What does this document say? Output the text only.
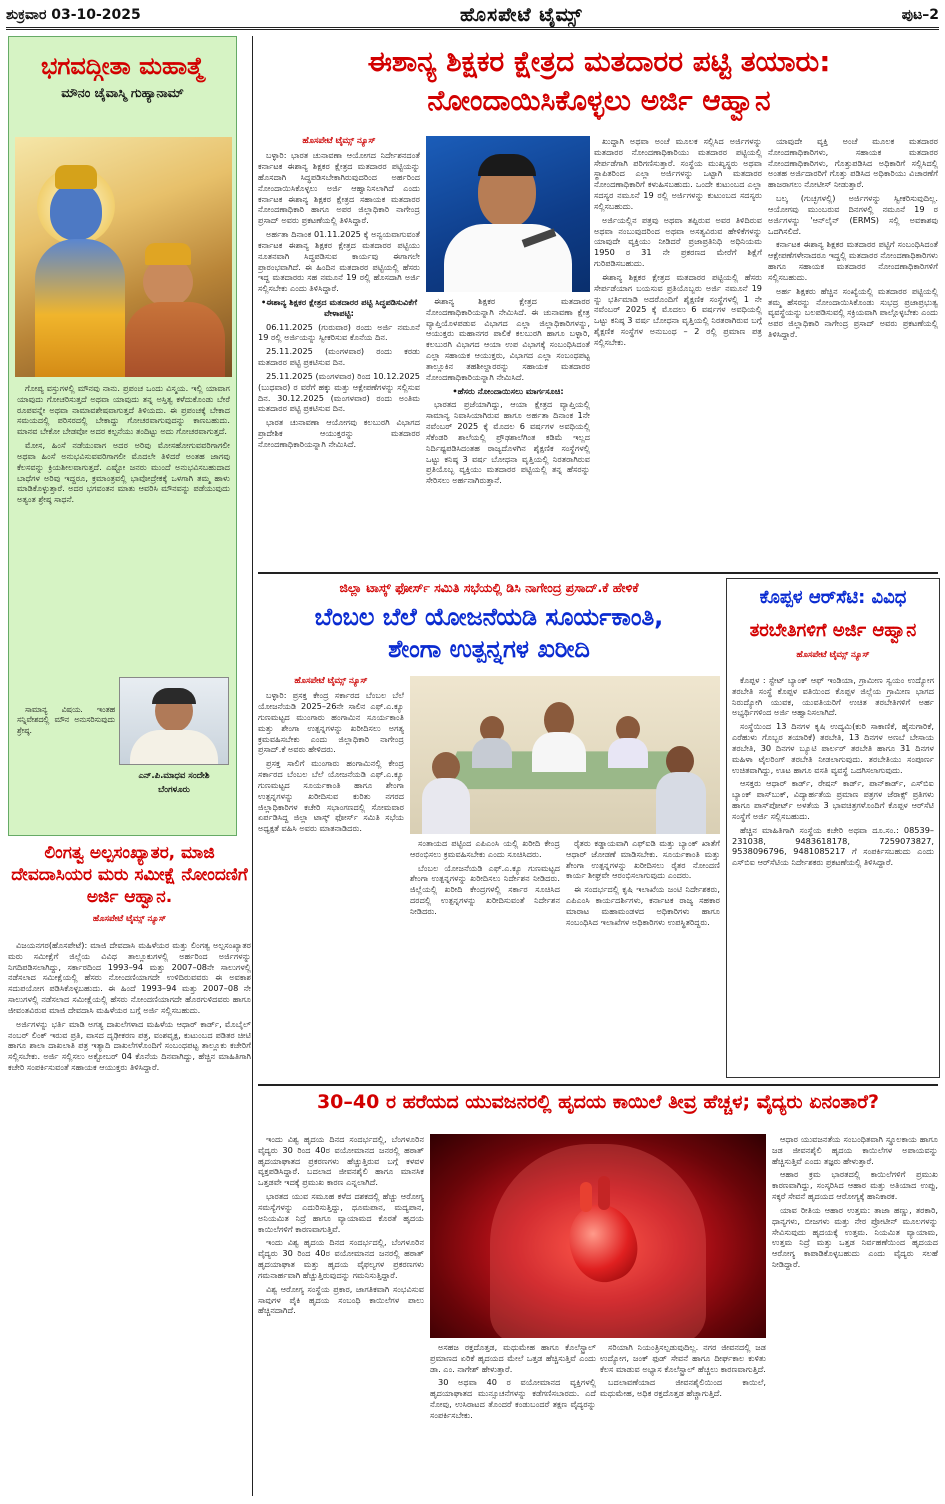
ಶುಕ್ರವಾರ 03-10-2025	ಹೊಸಪೇಟೆ ಟೈಮ್ಸ್	ಪುಟ–2
ಭಗವದ್ಗೀತಾ ಮಹಾತ್ಮೆ
ಮೌನಂ ಚೈವಾಸ್ಮಿ ಗುಹ್ಯಾನಾಮ್

ಗೋಪ್ಯ ವಸ್ತುಗಳಲ್ಲಿ ಮೌನವು ನಾನು. ಪ್ರಪಂಚ ಒಂದು ವಿಸ್ಮಯ. ಇಲ್ಲಿ ಯಾವಾಗ ಯಾವುದು ಗೋಚರಿಸುತ್ತದೆ ಅಥವಾ ಯಾವುದು ತನ್ನ ಅಸ್ತಿತ್ವ ಕಳೆದುಕೊಂಡು ಬೇರೆ ರೂಪವನ್ನೇ ಅಥವಾ ನಾಮಾವಶೇಷವಾಗುತ್ತದೆ ತಿಳಿಯದು. ಈ ಪ್ರಪಂಚಕ್ಕೆ ಬೇಕಾದ ಸಮಯದಲ್ಲಿ ಪರಿಸರದಲ್ಲಿ ಬೇಕಾದ್ದು ಗೋಚರವಾಗುವುದನ್ನು ಕಾಣಬಹುದು. ಮಾನವ ಬೇಕೋ ಬೇಡವೋ ಅದರ ಕಲ್ಪನೆಯು ತಂದಿಟ್ಟು ಅದು ಗೋಚರವಾಗುತ್ತದೆ.

ಮೋಸ, ಹಿಂಸೆ ನಡೆಯುವಾಗ ಅದರ ಅರಿವು ಮೋಸಹೋಗುವವರಿಗಾಗಲೀ ಅಥವಾ ಹಿಂಸೆ ಅನುಭವಿಸುವವರಿಗಾಗಲೀ ಮೊದಲೇ ತಿಳಿದರೆ ಅಂತಹ ಜಾಗವು ಕೆಲಸವನ್ನು ಕ್ರಿಯಶೀಲವಾಗುತ್ತದೆ. ಎಷ್ಟೋ ಜನರು ಮುಂದೆ ಅನುಭವಿಸಬಹುದಾದ ಬಾಧೆಗಳ ಅರಿವು ಇದ್ದರೂ, ಕ್ರಮಾಂತ್ರವಲ್ಲಿ ಭಾವೋದ್ರೇಕಕ್ಕೆ ಒಳಗಾಗಿ ತಮ್ಮ ಹಾಳು ಮಾಡಿಕೊಳ್ಳುತ್ತಾರೆ. ಅದರ ಭಗವಂತನ ಮಾತು ಆವರಿಸಿ ಮೌನವನ್ನು ಪಡೆಯುವುದು ಅತ್ಯಂತ ಶ್ರೇಷ್ಠ ಸಾಧನೆ.

ಸಾಮಾನ್ಯ ವಿಷಯ. ಇಂತಹ ಸನ್ನಿವೇಶದಲ್ಲಿ ಮೌನ ಅನುಸರಿಸುವುದು ಶ್ರೇಷ್ಠ.

ಎನ್.ಪಿ.ಮಾಧವ ಸಂದೇಶಿ
ಬೆಂಗಳೂರು
ಲಿಂಗತ್ವ ಅಲ್ಪಸಂಖ್ಯಾತರ, ಮಾಜಿ ದೇವದಾಸಿಯರ ಮರು ಸಮೀಕ್ಷೆ ನೋಂದಣಿಗೆ ಅರ್ಜಿ ಆಹ್ವಾನ.
ಹೊಸಪೇಟೆ ಟೈಮ್ಸ್ ನ್ಯೂಸ್

ವಿಜಯನಗರ(ಹೊಸಪೇಟೆ): ಮಾಜಿ ದೇವದಾಸಿ ಮಹಿಳೆಯರ ಮತ್ತು ಲಿಂಗತ್ವ ಅಲ್ಪಸಂಖ್ಯಾತರ ಮರು ಸಮೀಕ್ಷೆಗೆ ಜಿಲ್ಲೆಯ ವಿವಿಧ ತಾಲ್ಲೂಕುಗಳಲ್ಲಿ ಅರ್ಹರಿಂದ ಅರ್ಜಿಗಳನ್ನು ನಿಗದಿಪಡಿಸಲಾಗಿದ್ದು, ಸರ್ಕಾರದಿಂದ 1993–94 ಮತ್ತು 2007–08ನೇ ಸಾಲುಗಳಲ್ಲಿ ನಡೆಸಲಾದ ಸಮೀಕ್ಷೆಯಲ್ಲಿ ಹೆಸರು ನೋಂದಣಿಯಾಗದೇ ಉಳಿದಿರುವವರು ಈ ಅವಕಾಶ ಸದುಪಯೋಗ ಪಡಿಸಿಕೊಳ್ಳಬಹುದು. ಈ ಹಿಂದೆ 1993–94 ಮತ್ತು 2007–08 ನೇ ಸಾಲುಗಳಲ್ಲಿ ನಡೆಸಲಾದ ಸಮೀಕ್ಷೆಯಲ್ಲಿ ಹೆಸರು ನೋಂದಣಿಯಾಗದೇ ಹೊರಗುಳಿದವರು ಹಾಗೂ ಜೀವಂತವಿರುವ ಮಾಜಿ ದೇವದಾಸಿ ಮಹಿಳೆಯರ ಬಗ್ಗೆ ಅರ್ಜಿ ಸಲ್ಲಿಸಬಹುದು.

ಅರ್ಜಿಗಳನ್ನು ಭರ್ತಿ ಮಾಡಿ ಅಗತ್ಯ ದಾಖಲೆಗಳಾದ ಮಹಿಳೆಯ ಆಧಾರ್ ಕಾರ್ಡ್, ಮೊಬೈಲ್ ನಂಬರ್ ಲಿಂಕ್ ಇರುವ ಪ್ರತಿ, ವಾಸದ ದೃಢೀಕರಣ ಪತ್ರ, ವಂಶವೃಕ್ಷ, ಕುಟುಂಬದ ಪಡಿತರ ಚೀಟಿ ಹಾಗೂ ಶಾಲಾ ದಾಖಲಾತಿ ಪತ್ರ ಇತ್ಯಾದಿ ದಾಖಲೆಗಳೊಂದಿಗೆ ಸಂಬಂಧಪಟ್ಟ ತಾಲ್ಲೂಕು ಕಚೇರಿಗೆ ಸಲ್ಲಿಸಬೇಕು. ಅರ್ಜಿ ಸಲ್ಲಿಸಲು ಅಕ್ಟೋಬರ್ 04 ಕೊನೆಯ ದಿನವಾಗಿದ್ದು, ಹೆಚ್ಚಿನ ಮಾಹಿತಿಗಾಗಿ ಕಚೇರಿ ಸಂಪರ್ಕಿಸುವಂತೆ ಸಹಾಯಕ ಆಯುಕ್ತರು ತಿಳಿಸಿದ್ದಾರೆ.

ಈಶಾನ್ಯ ಶಿಕ್ಷಕರ ಕ್ಷೇತ್ರದ ಮತದಾರರ ಪಟ್ಟಿ ತಯಾರು:
ನೋಂದಾಯಿಸಿಕೊಳ್ಳಲು ಅರ್ಜಿ ಆಹ್ವಾನ

ಹೊಸಪೇಟೆ ಟೈಮ್ಸ್ ನ್ಯೂಸ್

ಬಳ್ಳಾರಿ: ಭಾರತ ಚುನಾವಣಾ ಆಯೋಗದ ನಿರ್ದೇಶನದಂತೆ ಕರ್ನಾಟಕ ಈಶಾನ್ಯ ಶಿಕ್ಷಕರ ಕ್ಷೇತ್ರದ ಮತದಾರರ ಪಟ್ಟಿಯನ್ನು ಹೊಸದಾಗಿ ಸಿದ್ಧಪಡಿಸಬೇಕಾಗಿರುವುದರಿಂದ ಅರ್ಹರಿಂದ ನೋಂದಾಯಿಸಿಕೊಳ್ಳಲು ಅರ್ಜಿ ಆಹ್ವಾನಿಸಲಾಗಿದೆ ಎಂದು ಕರ್ನಾಟಕ ಈಶಾನ್ಯ ಶಿಕ್ಷಕರ ಕ್ಷೇತ್ರದ ಸಹಾಯಕ ಮತದಾರರ ನೋಂದಣಾಧಿಕಾರಿ ಹಾಗೂ ಅಪರ ಜಿಲ್ಲಾಧಿಕಾರಿ ನಾಗೇಂದ್ರ ಪ್ರಸಾದ್ ಅವರು ಪ್ರಕಟಣೆಯಲ್ಲಿ ತಿಳಿಸಿದ್ದಾರೆ.

ಅರ್ಹತಾ ದಿನಾಂಕ 01.11.2025 ಕ್ಕೆ ಅನ್ವಯವಾಗುವಂತೆ ಕರ್ನಾಟಕ ಈಶಾನ್ಯ ಶಿಕ್ಷಕರ ಕ್ಷೇತ್ರದ ಮತದಾರರ ಪಟ್ಟಿಯು ನೂತನವಾಗಿ ಸಿದ್ಧಪಡಿಸುವ ಕಾರ್ಯವು ಈಗಾಗಲೇ ಪ್ರಾರಂಭವಾಗಿದೆ. ಈ ಹಿಂದಿನ ಮತದಾರರ ಪಟ್ಟಿಯಲ್ಲಿ ಹೆಸರು ಇದ್ದ ಮತದಾರರು ಸಹ ನಮೂನೆ 19 ರಲ್ಲಿ ಹೊಸದಾಗಿ ಅರ್ಜಿ ಸಲ್ಲಿಸಬೇಕು ಎಂದು ತಿಳಿಸಿದ್ದಾರೆ.

•ಈಶಾನ್ಯ ಶಿಕ್ಷಕರ ಕ್ಷೇತ್ರದ ಮತದಾರರ ಪಟ್ಟಿ ಸಿದ್ಧಪಡಿಸುವಿಕೆಗೆ ವೇಳಾಪಟ್ಟಿ:

06.11.2025 (ಗುರುವಾರ) ರಂದು ಅರ್ಜಿ ನಮೂನೆ 19 ರಲ್ಲಿ ಅರ್ಜಿಯನ್ನು ಸ್ವೀಕರಿಸುವ ಕೊನೆಯ ದಿನ.

25.11.2025 (ಮಂಗಳವಾರ) ರಂದು ಕರಡು ಮತದಾರರ ಪಟ್ಟಿ ಪ್ರಕಟಿಸುವ ದಿನ.

25.11.2025 (ಮಂಗಳವಾರ) ರಿಂದ 10.12.2025 (ಬುಧವಾರ) ರ ವರೆಗೆ ಹಕ್ಕು ಮತ್ತು ಆಕ್ಷೇಪಣೆಗಳನ್ನು ಸಲ್ಲಿಸುವ ದಿನ. 30.12.2025 (ಮಂಗಳವಾರ) ರಂದು ಅಂತಿಮ ಮತದಾರರ ಪಟ್ಟಿ ಪ್ರಕಟಿಸುವ ದಿನ.

ಭಾರತ ಚುನಾವಣಾ ಆಯೋಗವು ಕಲಬುರಗಿ ವಿಭಾಗದ ಪ್ರಾದೇಶಿಕ ಆಯುಕ್ತರನ್ನು ಮತದಾರರ ನೋಂದಣಾಧಿಕಾರಿಯನ್ನಾಗಿ ನೇಮಿಸಿದೆ.

ಈಶಾನ್ಯ ಶಿಕ್ಷಕರ ಕ್ಷೇತ್ರದ ಮತದಾರರ ನೋಂದಣಾಧಿಕಾರಿಯನ್ನಾಗಿ ನೇಮಿಸಿದೆ. ಈ ಚುನಾವಣಾ ಕ್ಷೇತ್ರ ವ್ಯಾಪ್ತಿಯೊಳಪಡುವ ವಿಭಾಗದ ಎಲ್ಲಾ ಜಿಲ್ಲಾಧಿಕಾರಿಗಳನ್ನು, ಆಯುಕ್ತರು ಮಹಾನಗರ ಪಾಲಿಕೆ ಕಲಬುರಗಿ ಹಾಗೂ ಬಳ್ಳಾರಿ, ಕಲಬುರಗಿ ವಿಭಾಗದ ಆಯಾ ಉಪ ವಿಭಾಗಕ್ಕೆ ಸಂಬಂಧಿಸಿದಂತೆ ಎಲ್ಲಾ ಸಹಾಯಕ ಆಯುಕ್ತರು, ವಿಭಾಗದ ಎಲ್ಲಾ ಸಂಬಂಧಪಟ್ಟ ತಾಲ್ಲೂಕಿನ ತಹಶೀಲ್ದಾರರನ್ನು ಸಹಾಯಕ ಮತದಾರರ ನೋಂದಣಾಧಿಕಾರಿಯನ್ನಾಗಿ ನೇಮಿಸಿದೆ.

•ಹೆಸರು ನೋಂದಾಯಿಸಲು ಮಾರ್ಗಸೂಚಿ:

ಭಾರತದ ಪ್ರಜೆಯಾಗಿದ್ದು, ಆಯಾ ಕ್ಷೇತ್ರದ ವ್ಯಾಪ್ತಿಯಲ್ಲಿ ಸಾಮಾನ್ಯ ನಿವಾಸಿಯಾಗಿರುವ ಹಾಗೂ ಅರ್ಹತಾ ದಿನಾಂಕ 1ನೇ ನವೆಂಬರ್ 2025 ಕ್ಕೆ ಮೊದಲ 6 ವರ್ಷಗಳ ಅವಧಿಯಲ್ಲಿ ಸೆಕೆಂಡರಿ ಶಾಲೆಯಲ್ಲಿ ಪ್ರೌಢಶಾಲೆಗಿಂತ ಕಡಿಮೆ ಇಲ್ಲದ ನಿರ್ದಿಷ್ಟಪಡಿಸಿದಂತಹ ರಾಜ್ಯದೊಳಗಿನ ಶೈಕ್ಷಣಿಕ ಸಂಸ್ಥೆಗಳಲ್ಲಿ ಒಟ್ಟು ಕನಿಷ್ಠ 3 ವರ್ಷ ಬೋಧನಾ ವೃತ್ತಿಯಲ್ಲಿ ನಿರತರಾಗಿರುವ ಪ್ರತಿಯೊಬ್ಬ ವ್ಯಕ್ತಿಯು ಮತದಾರರ ಪಟ್ಟಿಯಲ್ಲಿ ತನ್ನ ಹೆಸರನ್ನು ಸೇರಿಸಲು ಅರ್ಹನಾಗಿರುತ್ತಾನೆ.

ಖುದ್ದಾಗಿ ಅಥವಾ ಅಂಚೆ ಮೂಲಕ ಸಲ್ಲಿಸಿದ ಅರ್ಜಿಗಳನ್ನು ಮತದಾರರ ನೋಂದಣಾಧಿಕಾರಿಯು ಮತದಾರರ ಪಟ್ಟಿಯಲ್ಲಿ ಸೇರ್ಪಡೆಗಾಗಿ ಪರಿಗಣಿಸುತ್ತಾರೆ. ಸಂಸ್ಥೆಯ ಮುಖ್ಯಸ್ಥರು ಅಥವಾ ಸ್ಥಾಪಿತರಿಂದ ಎಲ್ಲಾ ಅರ್ಜಿಗಳನ್ನು ಒಟ್ಟಾಗಿ ಮತದಾರರ ನೋಂದಣಾಧಿಕಾರಿಗೆ ಕಳುಹಿಸಬಹುದು. ಒಂದೇ ಕುಟುಂಬದ ಎಲ್ಲಾ ಸದಸ್ಯರ ನಮೂನೆ 19 ರಲ್ಲಿ ಅರ್ಜಿಗಳನ್ನು ಕುಟುಂಬದ ಸದಸ್ಯರು ಸಲ್ಲಿಸಬಹುದು.

ಅರ್ಜಿಯಲ್ಲಿನ ಪತ್ರವು ಅಥವಾ ತಪ್ಪಿರುವ ಅವರ ತಿಳಿದಿರುವ ಅಥವಾ ನಂಬುವುದರಿಂದ ಅಥವಾ ಅಸತ್ಯವಿರುವ ಹೇಳಿಕೆಗಳನ್ನು ಯಾವುದೇ ವ್ಯಕ್ತಿಯು ನೀಡಿದರೆ ಪ್ರಜಾಪ್ರತಿನಿಧಿ ಅಧಿನಿಯಮ 1950 ರ 31 ನೇ ಪ್ರಕರಣದ ಮೇರೆಗೆ ಶಿಕ್ಷೆಗೆ ಗುರಿಪಡಿಸಬಹುದು.

ಈಶಾನ್ಯ ಶಿಕ್ಷಕರ ಕ್ಷೇತ್ರದ ಮತದಾರರ ಪಟ್ಟಿಯಲ್ಲಿ ಹೆಸರು ಸೇರ್ಪಡೆಯಾಗ ಬಯಸುವ ಪ್ರತಿಯೊಬ್ಬರು ಅರ್ಜಿ ನಮೂನೆ 19 ನ್ನು ಭರ್ತಿಮಾಡಿ ಅದರೊಂದಿಗೆ ಶೈಕ್ಷಣಿಕ ಸಂಸ್ಥೆಗಳಲ್ಲಿ 1 ನೇ ನವೆಂಬರ್ 2025 ಕ್ಕೆ ಮೊದಲು 6 ವರ್ಷಗಳ ಅವಧಿಯಲ್ಲಿ ಒಟ್ಟು ಕನಿಷ್ಠ 3 ವರ್ಷ ಬೋಧನಾ ವೃತ್ತಿಯಲ್ಲಿ ನಿರತರಾಗಿರುವ ಬಗ್ಗೆ ಶೈಕ್ಷಣಿಕ ಸಂಸ್ಥೆಗಳ ಅನುಬಂಧ – 2 ರಲ್ಲಿ ಪ್ರಮಾಣ ಪತ್ರ ಸಲ್ಲಿಸಬೇಕು.

ಯಾವುದೇ ವ್ಯಕ್ತಿ ಅಂಚೆ ಮೂಲಕ ಮತದಾರರ ನೋಂದಣಾಧಿಕಾರಿಗಳು, ಸಹಾಯಕ ಮತದಾರರ ನೋಂದಣಾಧಿಕಾರಿಗಳು, ಗೊತ್ತುಪಡಿಸಿದ ಅಧಿಕಾರಿಗೆ ಸಲ್ಲಿಸಿದಲ್ಲಿ ಅಂತಹ ಅರ್ಜಿದಾರರಿಗೆ ಗೊತ್ತು ಪಡಿಸಿದ ಅಧಿಕಾರಿಯು ವಿಚಾರಣೆಗೆ ಹಾಜರಾಗಲು ನೋಟೀಸ್ ನೀಡುತ್ತಾರೆ.

ಬಲ್ಕ (ಗುಚ್ಛಗಳಲ್ಲಿ) ಅರ್ಜಿಗಳನ್ನು ಸ್ವೀಕರಿಸುವುದಿಲ್ಲ. ಆಯೋಗವು ಮುಂಬರುವ ದಿನಗಳಲ್ಲಿ ನಮೂನೆ 19 ರ ಅರ್ಜಿಗಳನ್ನು 'ಆನ್‌ಲೈನ್ (ERMS) ಸಲ್ಲಿ ಅವಕಾಶವು ಒದಗಿಸಲಿದೆ.

ಕರ್ನಾಟಕ ಈಶಾನ್ಯ ಶಿಕ್ಷಕರ ಮತದಾರರ ಪಟ್ಟಿಗೆ ಸಂಬಂಧಿಸಿದಂತೆ ಆಕ್ಷೇಪಣೆಗಳೇನಾದರೂ ಇದ್ದಲ್ಲಿ ಮತದಾರರ ನೋಂದಣಾಧಿಕಾರಿಗಳು ಹಾಗೂ ಸಹಾಯಕ ಮತದಾರರ ನೋಂದಣಾಧಿಕಾರಿಗಳಿಗೆ ಸಲ್ಲಿಸಬಹುದು.

ಅರ್ಹ ಶಿಕ್ಷಕರು ಹೆಚ್ಚಿನ ಸಂಖ್ಯೆಯಲ್ಲಿ ಮತದಾರರ ಪಟ್ಟಿಯಲ್ಲಿ ತಮ್ಮ ಹೆಸರನ್ನು ನೋಂದಾಯಿಸಿಕೊಂಡು ಸುಭದ್ರ ಪ್ರಜಾಪ್ರಭುತ್ವ ವ್ಯವಸ್ಥೆಯನ್ನು ಬಲಪಡಿಸುವಲ್ಲಿ ಸಕ್ರಿಯವಾಗಿ ಪಾಲ್ಗೊಳ್ಳಬೇಕು ಎಂದು ಅಪರ ಜಿಲ್ಲಾಧಿಕಾರಿ ನಾಗೇಂದ್ರ ಪ್ರಸಾದ್ ಅವರು ಪ್ರಕಟಣೆಯಲ್ಲಿ ತಿಳಿಸಿದ್ದಾರೆ.

ಜಿಲ್ಲಾ ಟಾಸ್ಕ್ ಫೋರ್ಸ್ ಸಮಿತಿ ಸಭೆಯಲ್ಲಿ ಡಿಸಿ ನಾಗೇಂದ್ರ ಪ್ರಸಾದ್.ಕೆ ಹೇಳಿಕೆ
ಬೆಂಬಲ ಬೆಲೆ ಯೋಜನೆಯಡಿ ಸೂರ್ಯಕಾಂತಿ,
ಶೇಂಗಾ ಉತ್ಪನ್ನಗಳ ಖರೀದಿ

ಹೊಸಪೇಟೆ ಟೈಮ್ಸ್ ನ್ಯೂಸ್

ಬಳ್ಳಾರಿ: ಪ್ರಸಕ್ತ ಕೇಂದ್ರ ಸರ್ಕಾರದ ಬೆಂಬಲ ಬೆಲೆ ಯೋಜನೆಯಡಿ 2025–26ನೇ ಸಾಲಿನ ಎಫ್.ಎ.ಕ್ಯೂ ಗುಣಮಟ್ಟದ ಮುಂಗಾರು ಹಂಗಾಮಿನ ಸೂರ್ಯಕಾಂತಿ ಮತ್ತು ಶೇಂಗಾ ಉತ್ಪನ್ನಗಳನ್ನು ಖರೀದಿಸಲು ಅಗತ್ಯ ಕ್ರಮವಹಿಸಬೇಕು ಎಂದು ಜಿಲ್ಲಾಧಿಕಾರಿ ನಾಗೇಂದ್ರ ಪ್ರಸಾದ್.ಕೆ ಅವರು ಹೇಳಿದರು.

ಪ್ರಸಕ್ತ ಸಾಲಿಗೆ ಮುಂಗಾರು ಹಂಗಾಮಿನಲ್ಲಿ ಕೇಂದ್ರ ಸರ್ಕಾರದ ಬೆಂಬಲ ಬೆಲೆ ಯೋಜನೆಯಡಿ ಎಫ್.ಎ.ಕ್ಯೂ ಗುಣಮಟ್ಟದ ಸೂರ್ಯಕಾಂತಿ ಹಾಗೂ ಶೇಂಗಾ ಉತ್ಪನ್ನಗಳನ್ನು ಖರೀದಿಸುವ ಕುರಿತು ನಗರದ ಜಿಲ್ಲಾಧಿಕಾರಿಗಳ ಕಚೇರಿ ಸಭಾಂಗಣದಲ್ಲಿ ಸೋಮವಾರ ಏರ್ಪಡಿಸಿದ್ದ ಜಿಲ್ಲಾ ಟಾಸ್ಕ್ ಫೋರ್ಸ್ ಸಮಿತಿ ಸಭೆಯ ಅಧ್ಯಕ್ಷತೆ ವಹಿಸಿ ಅವರು ಮಾತನಾಡಿದರು.

ಸಂತಾಯದ ಪಟ್ಟಿಂದ ಎಪಿಎಂಸಿ ಯಲ್ಲಿ ಖರೀದಿ ಕೇಂದ್ರ ಆರಂಭಿಸಲು ಕ್ರಮವಹಿಸಬೇಕು ಎಂದು ಸೂಚಿಸಿದರು.

ಬೆಂಬಲ ಯೋಜನೆಯಡಿ ಎಫ್.ಎ.ಕ್ಯೂ ಗುಣಮಟ್ಟದ ಶೇಂಗಾ ಉತ್ಪನ್ನಗಳನ್ನು ಖರೀದಿಸಲು ನಿರ್ದೇಶನ ನೀಡಿದರು. ಜಿಲ್ಲೆಯಲ್ಲಿ ಖರೀದಿ ಕೇಂದ್ರಗಳಲ್ಲಿ ಸರ್ಕಾರ ಸೂಚಿಸಿದ ದರದಲ್ಲಿ ಉತ್ಪನ್ನಗಳನ್ನು ಖರೀದಿಸುವಂತೆ ನಿರ್ದೇಶನ ನೀಡಿದರು.

ರೈತರು ಕಡ್ಡಾಯವಾಗಿ ಎಫ್‌ಐಡಿ ಮತ್ತು ಬ್ಯಾಂಕ್ ಖಾತೆಗೆ ಆಧಾರ್ ಜೋಡಣೆ ಮಾಡಿಸಬೇಕು. ಸೂರ್ಯಕಾಂತಿ ಮತ್ತು ಶೇಂಗಾ ಉತ್ಪನ್ನಗಳನ್ನು ಖರೀದಿಸಲು ರೈತರ ನೋಂದಣಿ ಕಾರ್ಯ ಶೀಘ್ರವೇ ಆರಂಭಿಸಲಾಗುವುದು ಎಂದರು.

ಈ ಸಂದರ್ಭದಲ್ಲಿ ಕೃಷಿ ಇಲಾಖೆಯ ಜಂಟಿ ನಿರ್ದೇಶಕರು, ಎಪಿಎಂಸಿ ಕಾರ್ಯದರ್ಶಿಗಳು, ಕರ್ನಾಟಕ ರಾಜ್ಯ ಸಹಕಾರ ಮಾರಾಟ ಮಹಾಮಂಡಳದ ಅಧಿಕಾರಿಗಳು ಹಾಗೂ ಸಂಬಂಧಿಸಿದ ಇಲಾಖೆಗಳ ಅಧಿಕಾರಿಗಳು ಉಪಸ್ಥಿತರಿದ್ದರು.

ಕೊಪ್ಪಳ ಆರ್‌ಸೆಟಿ: ವಿವಿಧ
ತರಬೇತಿಗಳಿಗೆ ಅರ್ಜಿ ಆಹ್ವಾನ
ಹೊಸಪೇಟೆ ಟೈಮ್ಸ್ ನ್ಯೂಸ್

ಕೊಪ್ಪಳ : ಸ್ಟೇಟ್ ಬ್ಯಾಂಕ್ ಆಫ್ ಇಂಡಿಯಾ, ಗ್ರಾಮೀಣ ಸ್ವಯಂ ಉದ್ಯೋಗ ತರಬೇತಿ ಸಂಸ್ಥೆ ಕೊಪ್ಪಳ ವತಿಯಿಂದ ಕೊಪ್ಪಳ ಜಿಲ್ಲೆಯ ಗ್ರಾಮೀಣ ಭಾಗದ ನಿರುದ್ಯೋಗಿ ಯುವಕ, ಯುವತಿಯರಿಗೆ ಉಚಿತ ತರಬೇತಿಗಳಿಗೆ ಅರ್ಹ ಅಭ್ಯರ್ಥಿಗಳಿಂದ ಅರ್ಜಿ ಆಹ್ವಾನಿಸಲಾಗಿದೆ.

ಸಂಸ್ಥೆಯಿಂದ 13 ದಿನಗಳ ಕೃಷಿ ಉದ್ಯಮಿ(ಕುರಿ ಸಾಕಾಣಿಕೆ, ಹೈನುಗಾರಿಕೆ, ಎರೆಹುಳು ಗೊಬ್ಬರ ತಯಾರಿಕೆ) ತರಬೇತಿ, 13 ದಿನಗಳ ಅಣಬೆ ಬೇಸಾಯ ತರಬೇತಿ, 30 ದಿನಗಳ ಬ್ಯೂಟಿ ಪಾರ್ಲರ್ ತರಬೇತಿ ಹಾಗೂ 31 ದಿನಗಳ ಮಹಿಳಾ ಟೈಲರಿಂಗ್ ತರಬೇತಿ ನೀಡಲಾಗುವುದು. ತರಬೇತಿಯು ಸಂಪೂರ್ಣ ಉಚಿತವಾಗಿದ್ದು, ಊಟ ಹಾಗೂ ವಸತಿ ವ್ಯವಸ್ಥೆ ಒದಗಿಸಲಾಗುವುದು.

ಆಸಕ್ತರು ಆಧಾರ್ ಕಾರ್ಡ್, ರೇಷನ್ ಕಾರ್ಡ್, ಪಾನ್‌ಕಾರ್ಡ್, ಎಸ್‌ಬಿಐ ಬ್ಯಾಂಕ್ ಪಾಸ್‌ಬುಕ್, ವಿದ್ಯಾರ್ಹತೆಯ ಪ್ರಮಾಣ ಪತ್ರಗಳ ಜೆರಾಕ್ಸ್ ಪ್ರತಿಗಳು ಹಾಗೂ ಪಾಸ್‌ಪೋರ್ಟ್ ಅಳತೆಯ 3 ಭಾವಚಿತ್ರಗಳೊಂದಿಗೆ ಕೊಪ್ಪಳ ಆರ್‌ಸೆಟಿ ಸಂಸ್ಥೆಗೆ ಅರ್ಜಿ ಸಲ್ಲಿಸಬಹುದು.

ಹೆಚ್ಚಿನ ಮಾಹಿತಿಗಾಗಿ ಸಂಸ್ಥೆಯ ಕಚೇರಿ ಅಥವಾ ದೂ.ಸಂ.: 08539–231038, 9483618178, 7259073827, 9538096796, 9481085217 ಗೆ ಸಂಪರ್ಕಿಸಬಹುದು ಎಂದು ಎಸ್‌ಬಿಐ ಆರ್‌ಸೆಟಿಯ ನಿರ್ದೇಶಕರು ಪ್ರಕಟಣೆಯಲ್ಲಿ ತಿಳಿಸಿದ್ದಾರೆ.

30–40 ರ ಹರೆಯದ ಯುವಜನರಲ್ಲಿ ಹೃದಯ ಕಾಯಿಲೆ ತೀವ್ರ ಹೆಚ್ಚಳ; ವೈದ್ಯರು ಏನಂತಾರೆ?

ಇಂದು ವಿಶ್ವ ಹೃದಯ ದಿನದ ಸಂದರ್ಭದಲ್ಲಿ, ಬೆಂಗಳೂರಿನ ವೈದ್ಯರು 30 ರಿಂದ 40ರ ವಯೋಮಾನದ ಜನರಲ್ಲಿ ಹಠಾತ್ ಹೃದಯಾಘಾತದ ಪ್ರಕರಣಗಳು ಹೆಚ್ಚುತ್ತಿರುವ ಬಗ್ಗೆ ಕಳವಳ ವ್ಯಕ್ತಪಡಿಸಿದ್ದಾರೆ. ಬದಲಾದ ಜೀವನಶೈಲಿ ಹಾಗೂ ಮಾನಸಿಕ ಒತ್ತಡವೇ ಇದಕ್ಕೆ ಪ್ರಮುಖ ಕಾರಣ ಎನ್ನಲಾಗಿದೆ.

ಭಾರತದ ಯುವ ಸಮೂಹ ಕಳೆದ ದಶಕದಲ್ಲಿ ಹೆಚ್ಚು ಆರೋಗ್ಯ ಸಮಸ್ಯೆಗಳನ್ನು ಎದುರಿಸುತ್ತಿದ್ದು, ಧೂಮಪಾನ, ಮದ್ಯಪಾನ, ಅನಿಯಮಿತ ನಿದ್ರೆ ಹಾಗೂ ವ್ಯಾಯಾಮದ ಕೊರತೆ ಹೃದಯ ಕಾಯಿಲೆಗಳಿಗೆ ಕಾರಣವಾಗುತ್ತಿವೆ.

ಇಂದು ವಿಶ್ವ ಹೃದಯ ದಿನದ ಸಂದರ್ಭದಲ್ಲಿ, ಬೆಂಗಳೂರಿನ ವೈದ್ಯರು 30 ರಿಂದ 40ರ ವಯೋಮಾನದ ಜನರಲ್ಲಿ ಹಠಾತ್ ಹೃದಯಾಘಾತ ಮತ್ತು ಹೃದಯ ವೈಫಲ್ಯಗಳ ಪ್ರಕರಣಗಳು ಗಮನಾರ್ಹವಾಗಿ ಹೆಚ್ಚುತ್ತಿರುವುದನ್ನು ಗಮನಿಸುತ್ತಿದ್ದಾರೆ.

ವಿಶ್ವ ಆರೋಗ್ಯ ಸಂಸ್ಥೆಯ ಪ್ರಕಾರ, ಜಾಗತಿಕವಾಗಿ ಸಂಭವಿಸುವ ಸಾವುಗಳ ಪೈಕಿ ಹೃದಯ ಸಂಬಂಧಿ ಕಾಯಿಲೆಗಳ ಪಾಲು ಹೆಚ್ಚಿನದಾಗಿದೆ.

ಅಸಹಜ ರಕ್ತದೊತ್ತಡ, ಮಧುಮೇಹ ಹಾಗೂ ಕೊಲೆಸ್ಟ್ರಾಲ್ ಪ್ರಮಾಣದ ಏರಿಕೆ ಹೃದಯದ ಮೇಲೆ ಒತ್ತಡ ಹೆಚ್ಚಿಸುತ್ತಿವೆ ಎಂದು ಡಾ. ಎಂ. ನಾಗೇಶ್ ಹೇಳುತ್ತಾರೆ.

30 ಅಥವಾ 40 ರ ವಯೋಮಾನದ ವ್ಯಕ್ತಿಗಳಲ್ಲಿ ಹೃದಯಾಘಾತದ ಮುನ್ಸೂಚನೆಗಳನ್ನು ಕಡೆಗಣಿಸಬಾರದು. ಎದೆ ನೋವು, ಉಸಿರಾಟದ ತೊಂದರೆ ಕಂಡುಬಂದರೆ ತಕ್ಷಣ ವೈದ್ಯರನ್ನು ಸಂಪರ್ಕಿಸಬೇಕು.

ಸರಿಯಾಗಿ ನಿಯಂತ್ರಿಸಲ್ಪಡುವುದಿಲ್ಲ. ನಗರ ಜೀವನದಲ್ಲಿ ಜಡ ಉದ್ಯೋಗ, ಜಂಕ್ ಫುಡ್ ಸೇವನೆ ಹಾಗೂ ದೀರ್ಘಕಾಲ ಕುಳಿತು ಕೆಲಸ ಮಾಡುವ ಅಭ್ಯಾಸ ಕೊಲೆಸ್ಟ್ರಾಲ್ ಹೆಚ್ಚಲು ಕಾರಣವಾಗುತ್ತಿದೆ.

ಬದಲಾವಣೆಯಾದ ಜೀವನಶೈಲಿಯಿಂದ ಕಾಯಿಲೆ, ಮಧುಮೇಹ, ಅಧಿಕ ರಕ್ತದೊತ್ತಡ ಹೆಚ್ಚಾಗುತ್ತಿದೆ.

ಆಧಾರ ಯುವಜನತೆಯ ಸಂಬಂಧಿತವಾಗಿ ಸ್ಥೂಲಕಾಯ ಹಾಗೂ ಜಡ ಜೀವನಶೈಲಿ ಹೃದಯ ಕಾಯಿಲೆಗಳ ಅಪಾಯವನ್ನು ಹೆಚ್ಚಿಸುತ್ತಿವೆ ಎಂದು ತಜ್ಞರು ಹೇಳುತ್ತಾರೆ.

ಆಹಾರ ಕ್ರಮ ಭಾರತದಲ್ಲಿ ಕಾಯಿಲೆಗಳಿಗೆ ಪ್ರಮುಖ ಕಾರಣವಾಗಿದ್ದು, ಸಂಸ್ಕರಿಸಿದ ಆಹಾರ ಮತ್ತು ಅತಿಯಾದ ಉಪ್ಪು, ಸಕ್ಕರೆ ಸೇವನೆ ಹೃದಯದ ಆರೋಗ್ಯಕ್ಕೆ ಹಾನಿಕಾರಕ.

ಯಾವ ರೀತಿಯ ಆಹಾರ ಉತ್ತಮ: ತಾಜಾ ಹಣ್ಣು, ತರಕಾರಿ, ಧಾನ್ಯಗಳು, ಬೀಜಗಳು ಮತ್ತು ನೇರ ಪ್ರೋಟೀನ್ ಮೂಲಗಳನ್ನು ಸೇವಿಸುವುದು ಹೃದಯಕ್ಕೆ ಉತ್ತಮ. ನಿಯಮಿತ ವ್ಯಾಯಾಮ, ಉತ್ತಮ ನಿದ್ರೆ ಮತ್ತು ಒತ್ತಡ ನಿರ್ವಹಣೆಯಿಂದ ಹೃದಯದ ಆರೋಗ್ಯ ಕಾಪಾಡಿಕೊಳ್ಳಬಹುದು ಎಂದು ವೈದ್ಯರು ಸಲಹೆ ನೀಡಿದ್ದಾರೆ.
